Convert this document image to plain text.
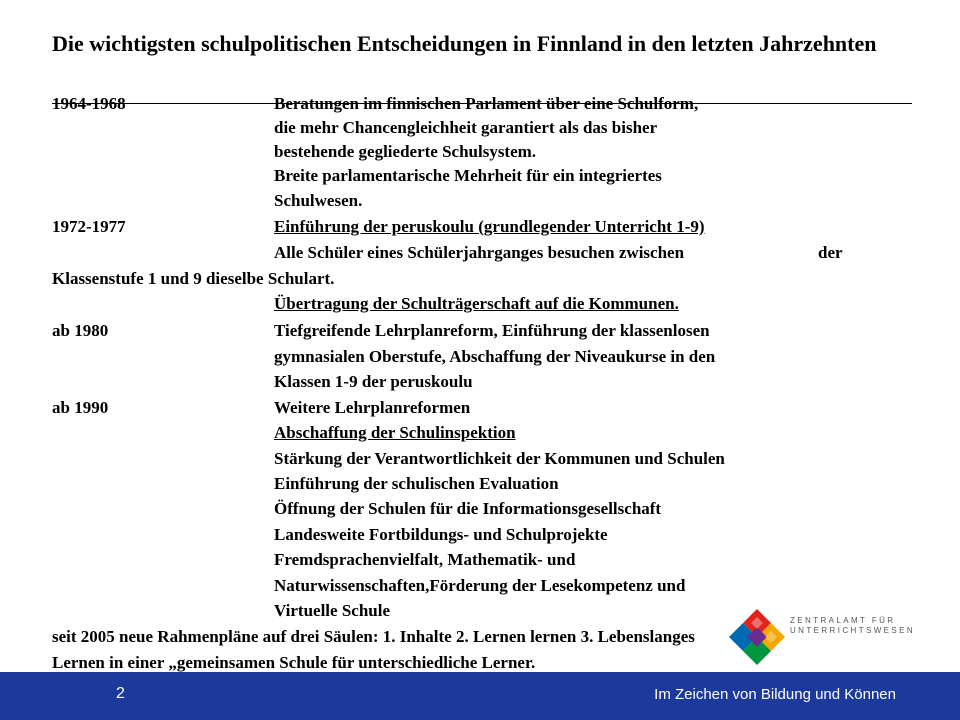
Die wichtigsten schulpolitischen Entscheidungen in Finnland in den letzten Jahrzehnten
1964-1968	Beratungen im finnischen Parlament über eine Schulform,
die mehr Chancengleichheit garantiert als das bisher
bestehende gegliederte Schulsystem.
Breite parlamentarische Mehrheit für ein integriertes
Schulwesen.
1972-1977	Einführung der peruskoulu (grundlegender Unterricht 1-9)
Alle Schüler eines Schülerjahrganges besuchen zwischen	der
Klassenstufe 1 und 9 dieselbe Schulart.
Übertragung der Schulträgerschaft auf die Kommunen.
ab 1980	Tiefgreifende Lehrplanreform, Einführung der klassenlosen
gymnasialen Oberstufe, Abschaffung der Niveaukurse in den
Klassen 1-9 der peruskoulu
ab 1990	Weitere Lehrplanreformen
Abschaffung der Schulinspektion
Stärkung der Verantwortlichkeit der Kommunen und Schulen
Einführung der schulischen Evaluation
Öffnung der Schulen für die Informationsgesellschaft
Landesweite Fortbildungs- und Schulprojekte
Fremdsprachenvielfalt, Mathematik- und
Naturwissenschaften,Förderung der Lesekompetenz und
Virtuelle Schule
seit 2005 neue Rahmenpläne auf drei Säulen: 1. Inhalte 2. Lernen lernen 3. Lebenslanges
Lernen in einer „gemeinsamen Schule für unterschiedliche Lerner.
ZENTRALAMT FÜR
UNTERRICHTSWESEN
2	Im Zeichen von Bildung und Können
